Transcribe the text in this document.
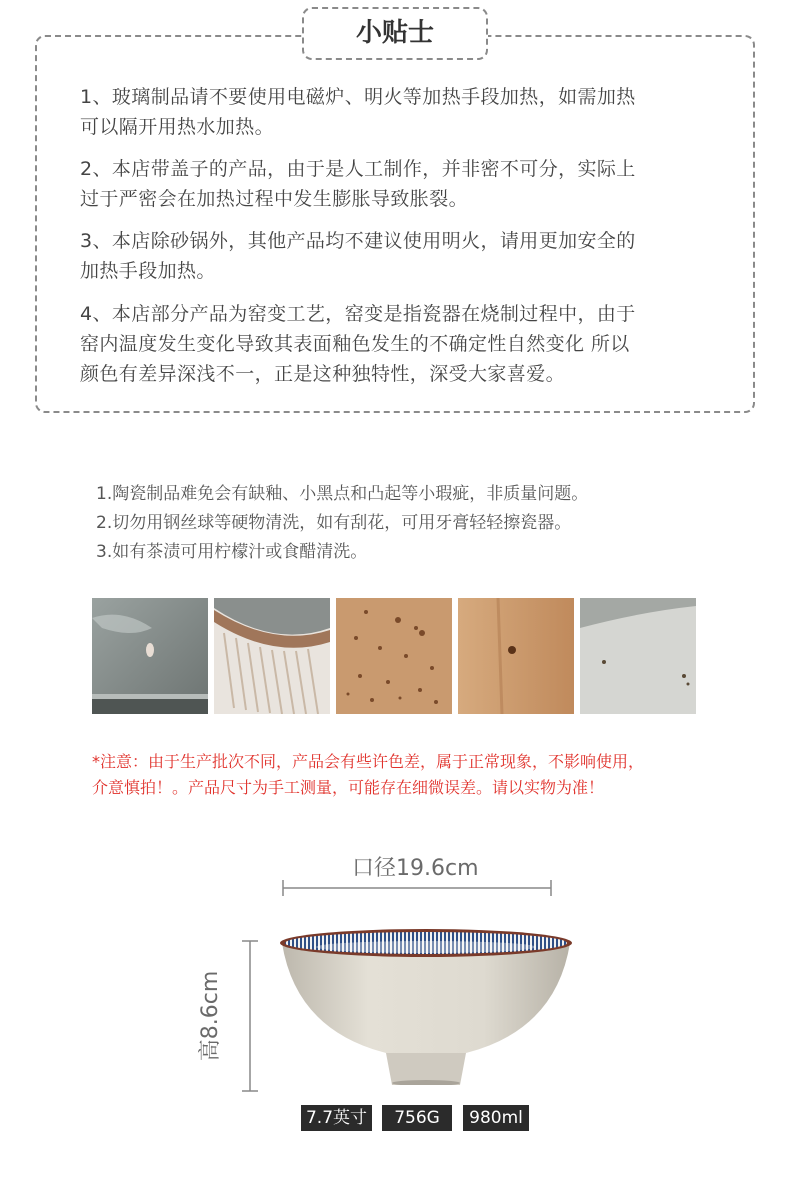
小贴士
1、玻璃制品请不要使用电磁炉、明火等加热手段加热，如需加热
可以隔开用热水加热。
2、本店带盖子的产品，由于是人工制作，并非密不可分，实际上
过于严密会在加热过程中发生膨胀导致胀裂。
3、本店除砂锅外，其他产品均不建议使用明火，请用更加安全的
加热手段加热。
4、本店部分产品为窑变工艺，窑变是指瓷器在烧制过程中，由于
窑内温度发生变化导致其表面釉色发生的不确定性自然变化 所以
颜色有差异深浅不一，正是这种独特性，深受大家喜爱。
1.陶瓷制品难免会有缺釉、小黑点和凸起等小瑕疵，非质量问题。
2.切勿用钢丝球等硬物清洗，如有刮花，可用牙膏轻轻擦瓷器。
3.如有茶渍可用柠檬汁或食醋清洗。
*注意：由于生产批次不同，产品会有些许色差，属于正常现象，不影响使用，
介意慎拍！。产品尺寸为手工测量，可能存在细微误差。请以实物为准！
口径19.6cm
高8.6cm
7.7英寸	756G	980ml
